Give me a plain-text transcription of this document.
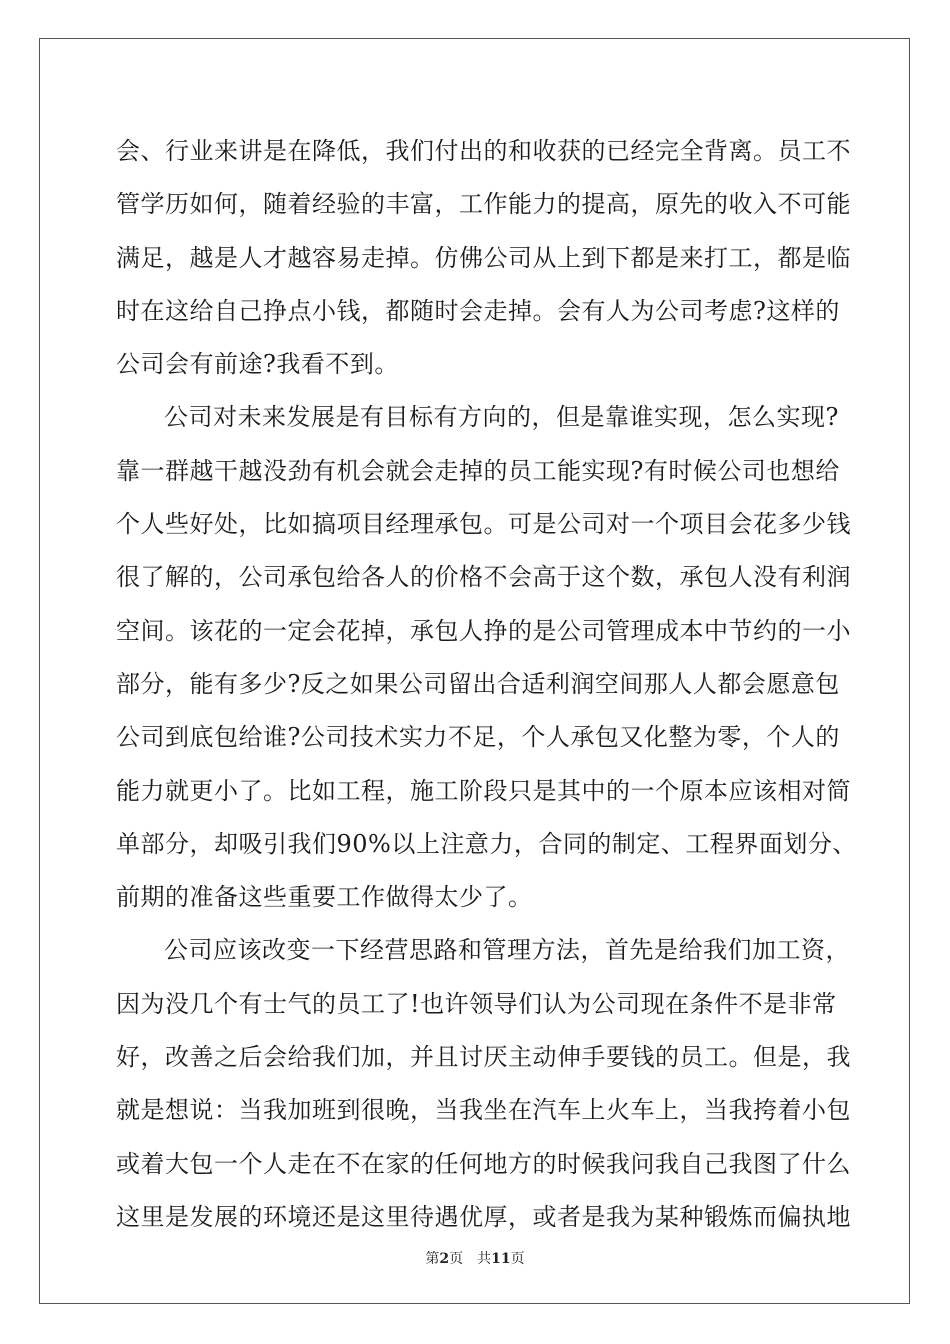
会、行业来讲是在降低，我们付出的和收获的已经完全背离。员工不
管学历如何，随着经验的丰富，工作能力的提高，原先的收入不可能
满足，越是人才越容易走掉。仿佛公司从上到下都是来打工，都是临
时在这给自己挣点小钱，都随时会走掉。会有人为公司考虑?这样的
公司会有前途?我看不到。
公司对未来发展是有目标有方向的，但是靠谁实现，怎么实现?
靠一群越干越没劲有机会就会走掉的员工能实现?有时候公司也想给
个人些好处，比如搞项目经理承包。可是公司对一个项目会花多少钱
很了解的，公司承包给各人的价格不会高于这个数，承包人没有利润
空间。该花的一定会花掉，承包人挣的是公司管理成本中节约的一小
部分，能有多少?反之如果公司留出合适利润空间那人人都会愿意包
公司到底包给谁?公司技术实力不足，个人承包又化整为零，个人的
能力就更小了。比如工程，施工阶段只是其中的一个原本应该相对简
单部分，却吸引我们90%以上注意力，合同的制定、工程界面划分、
前期的准备这些重要工作做得太少了。
公司应该改变一下经营思路和管理方法，首先是给我们加工资，
因为没几个有士气的员工了!也许领导们认为公司现在条件不是非常
好，改善之后会给我们加，并且讨厌主动伸手要钱的员工。但是，我
就是想说：当我加班到很晚，当我坐在汽车上火车上，当我挎着小包
或着大包一个人走在不在家的任何地方的时候我问我自己我图了什么
这里是发展的环境还是这里待遇优厚，或者是我为某种锻炼而偏执地
第2页 共11页
